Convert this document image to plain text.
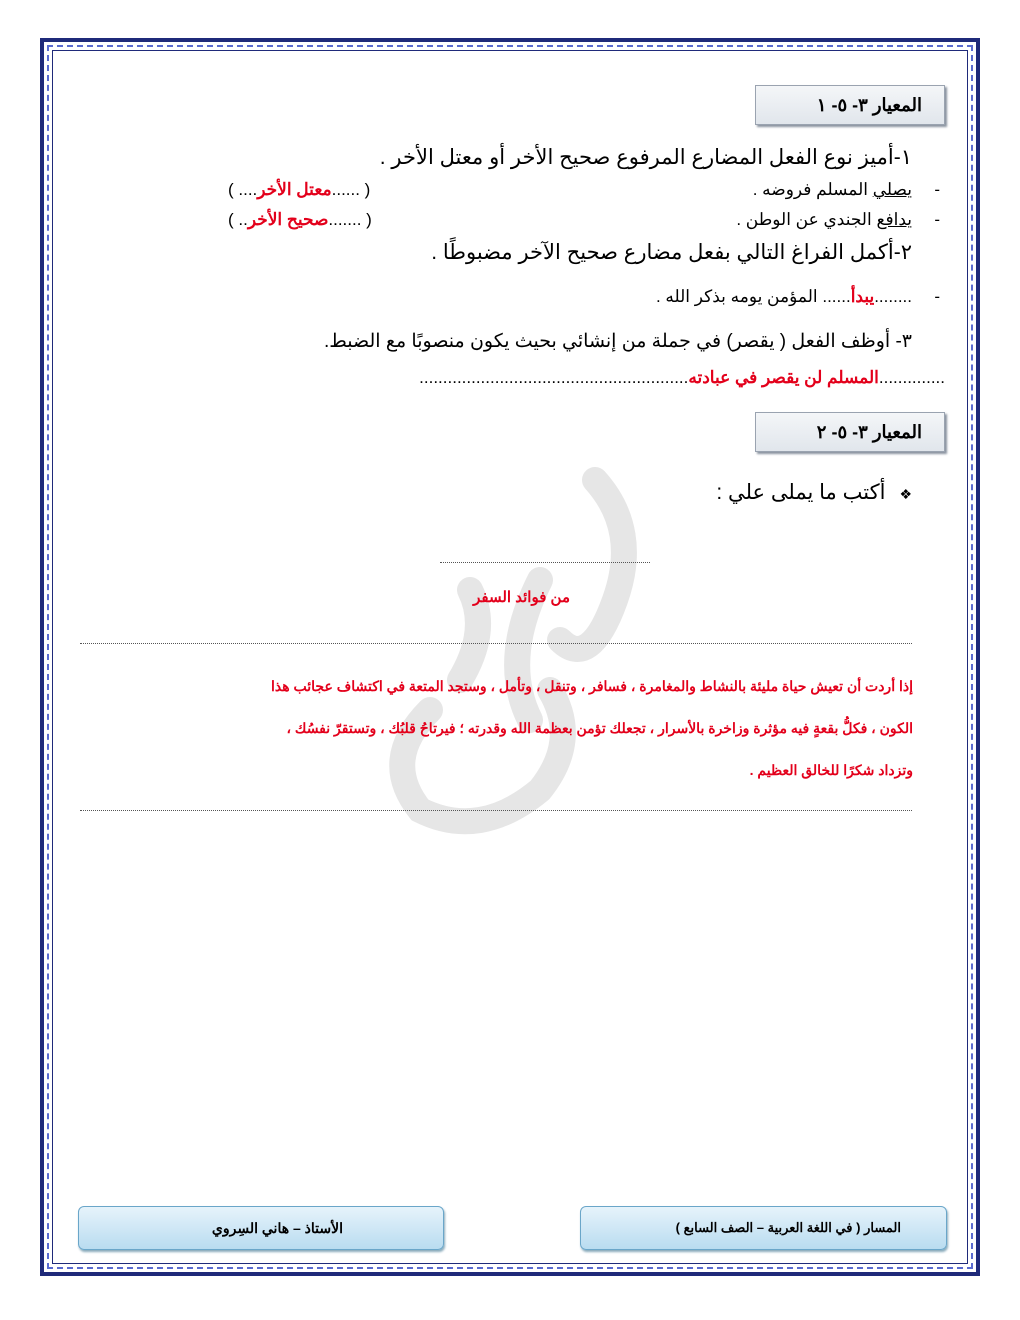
المعيار ٣- ٥- ١
١-أميز نوع الفعل المضارع المرفوع صحيح الأخر أو معتل الأخر .
-يصلي المسلم فروضه .
( ......معتل الأخر.... )
-يدافع الجندي عن الوطن .
( .......صحيح الأخر.. )
٢-أكمل الفراغ التالي بفعل مضارع صحيح الآخر مضبوطًا .
-........يبدأ...... المؤمن يومه بذكر الله .
٣- أوظف الفعل ( يقصر) في جملة من إنشائي بحيث يكون منصوبًا مع الضبط.
..............المسلم لن يقصر في عبادته.........................................................
المعيار ٣- ٥- ٢
❖أكتب ما يملى علي :
من فوائد السفر
إذا أردت أن تعيش حياة مليئة بالنشاط والمغامرة ، فسافر ، وتنقل ، وتأمل ، وستجد المتعة في اكتشاف عجائب هذا
الكون ، فكلُّ بقعةٍ فيه مؤثرة وزاخرة بالأسرار ، تجعلك تؤمن بعظمة الله وقدرته ؛ فيرتاحُ قلبُك ، وتستقرّ نفسُك ،
وتزداد شكرًا للخالق العظيم .
المسار ( في اللغة العربية – الصف السابع )
الأستاذ – هاني السِروي
